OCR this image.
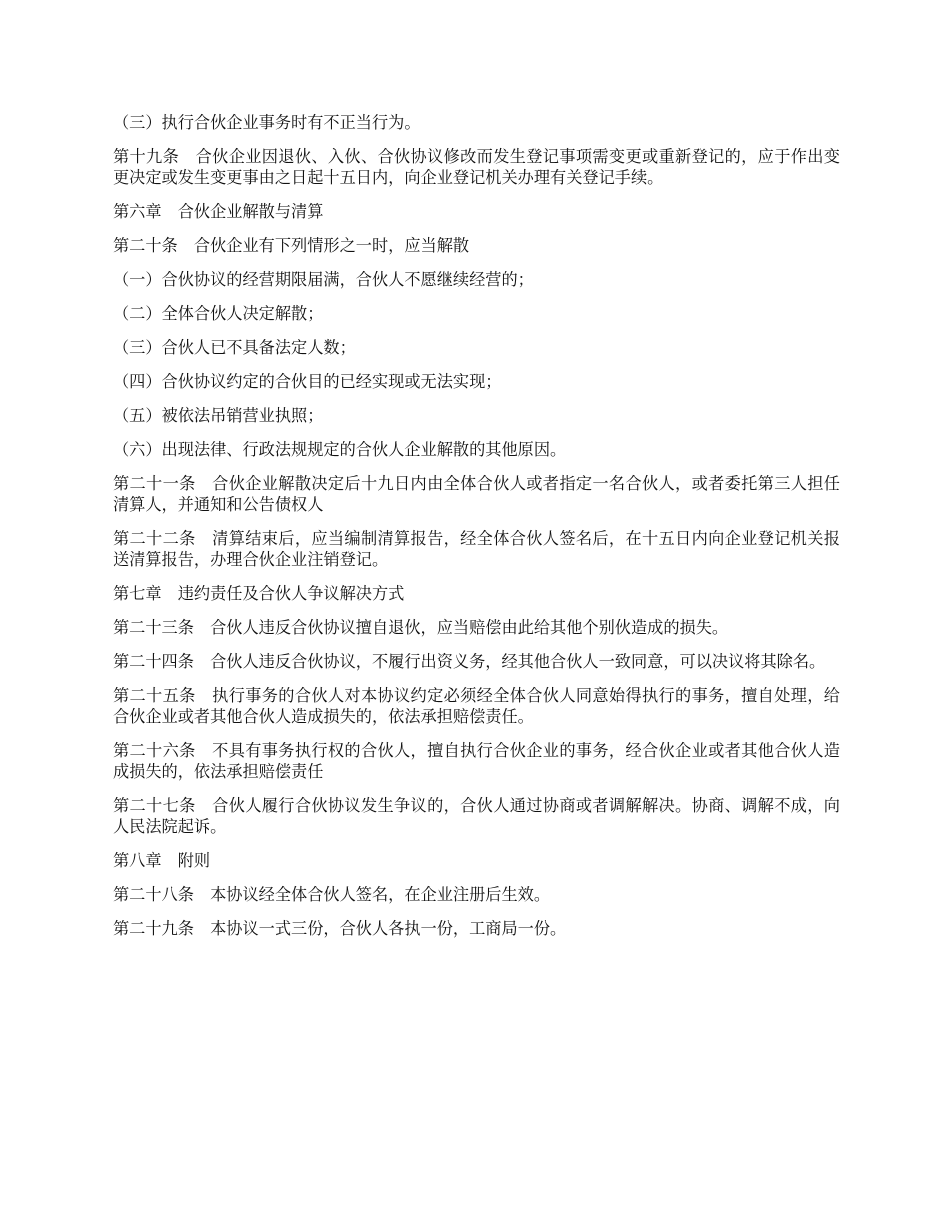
（三）执行合伙企业事务时有不正当行为。

第十九条　合伙企业因退伙、入伙、合伙协议修改而发生登记事项需变更或重新登记的，应于作出变更决定或发生变更事由之日起十五日内，向企业登记机关办理有关登记手续。

第六章　合伙企业解散与清算

第二十条　合伙企业有下列情形之一时，应当解散

（一）合伙协议的经营期限届满，合伙人不愿继续经营的；

（二）全体合伙人决定解散；

（三）合伙人已不具备法定人数；

（四）合伙协议约定的合伙目的已经实现或无法实现；

（五）被依法吊销营业执照；

（六）出现法律、行政法规规定的合伙人企业解散的其他原因。

第二十一条　合伙企业解散决定后十九日内由全体合伙人或者指定一名合伙人，或者委托第三人担任清算人，并通知和公告债权人

第二十二条　清算结束后，应当编制清算报告，经全体合伙人签名后，在十五日内向企业登记机关报送清算报告，办理合伙企业注销登记。

第七章　违约责任及合伙人争议解决方式

第二十三条　合伙人违反合伙协议擅自退伙，应当赔偿由此给其他个别伙造成的损失。

第二十四条　合伙人违反合伙协议，不履行出资义务，经其他合伙人一致同意，可以决议将其除名。

第二十五条　执行事务的合伙人对本协议约定必须经全体合伙人同意始得执行的事务，擅自处理，给合伙企业或者其他合伙人造成损失的，依法承担赔偿责任。

第二十六条　不具有事务执行权的合伙人，擅自执行合伙企业的事务，经合伙企业或者其他合伙人造成损失的，依法承担赔偿责任

第二十七条　合伙人履行合伙协议发生争议的，合伙人通过协商或者调解解决。协商、调解不成，向人民法院起诉。

第八章　附则

第二十八条　本协议经全体合伙人签名，在企业注册后生效。

第二十九条　本协议一式三份，合伙人各执一份，工商局一份。
